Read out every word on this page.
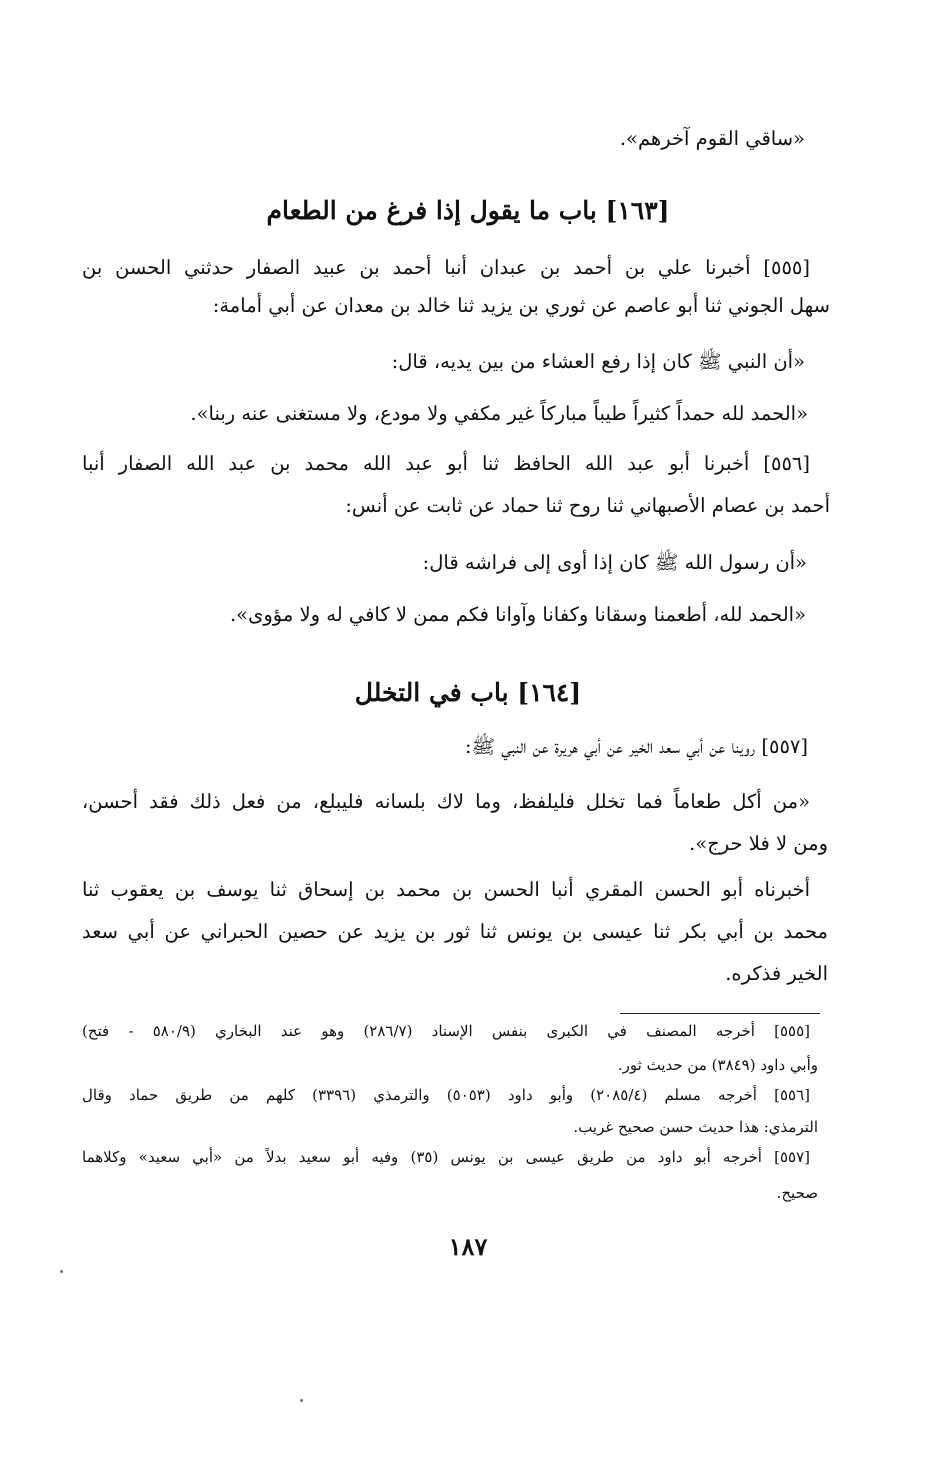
«ساقي القوم آخرهم».
[١٦٣] باب ما يقول إذا فرغ من الطعام
[٥٥٥] أخبرنا علي بن أحمد بن عبدان أنبا أحمد بن عبيد الصفار حدثني الحسن بن
سهل الجوني ثنا أبو عاصم عن ثوري بن يزيد ثنا خالد بن معدان عن أبي أمامة:
«أن النبي ﷺ كان إذا رفع العشاء من بين يديه، قال:
«الحمد لله حمداً كثيراً طيباً مباركاً غير مكفي ولا مودع، ولا مستغنى عنه ربنا».
[٥٥٦] أخبرنا أبو عبد الله الحافظ ثنا أبو عبد الله محمد بن عبد الله الصفار أنبا
أحمد بن عصام الأصبهاني ثنا روح ثنا حماد عن ثابت عن أنس:
«أن رسول الله ﷺ كان إذا أوى إلى فراشه قال:
«الحمد لله، أطعمنا وسقانا وكفانا وآوانا فكم ممن لا كافي له ولا مؤوى».
[١٦٤] باب في التخلل
[٥٥٧] روينا عن أبي سعد الخير عن أبي هريرة عن النبي ﷺ:
«من أكل طعاماً فما تخلل فليلفظ، وما لاك بلسانه فليبلع، من فعل ذلك فقد أحسن،
ومن لا فلا حرج».
أخبرناه أبو الحسن المقري أنبا الحسن بن محمد بن إسحاق ثنا يوسف بن يعقوب ثنا
محمد بن أبي بكر ثنا عيسى بن يونس ثنا ثور بن يزيد عن حصين الحبراني عن أبي سعد
الخير فذكره.
[٥٥٥] أخرجه المصنف في الكبرى بنفس الإسناد (٢٨٦/٧) وهو عند البخاري (٥٨٠/٩ - فتح)
وأبي داود (٣٨٤٩) من حديث ثور.
[٥٥٦] أخرجه مسلم (٢٠٨٥/٤) وأبو داود (٥٠٥٣) والترمذي (٣٣٩٦) كلهم من طريق حماد وقال
الترمذي: هذا حديث حسن صحيح غريب.
[٥٥٧] أخرجه أبو داود من طريق عيسى بن يونس (٣٥) وفيه أبو سعيد بدلاً من «أبي سعيد» وكلاهما
صحيح.
١٨٧
